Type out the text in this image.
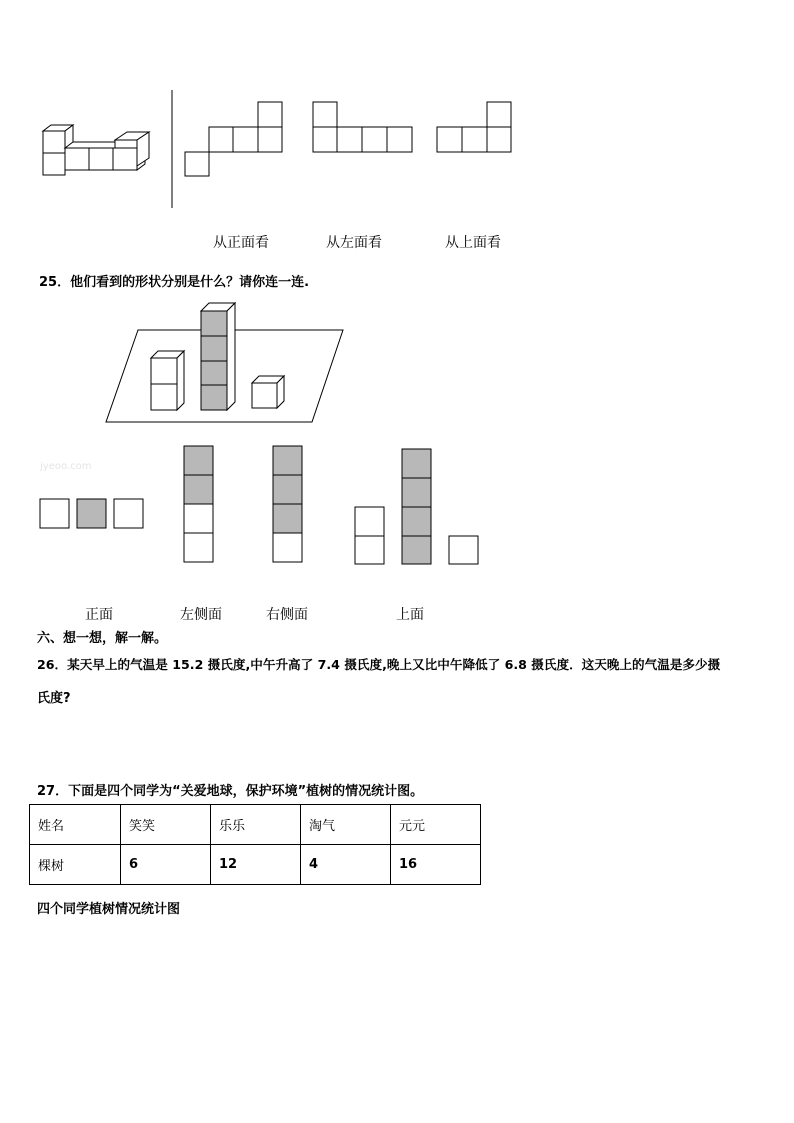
从正面看	从左面看	从上面看
25．他们看到的形状分别是什么？请你连一连.
jyeoo.com
正面	左侧面	右侧面	上面
六、想一想，解一解。
26．某天早上的气温是 15.2 摄氏度,中午升高了 7.4 摄氏度,晚上又比中午降低了 6.8 摄氏度．这天晚上的气温是多少摄
氏度?
27．下面是四个同学为“关爱地球，保护环境”植树的情况统计图。
姓名	笑笑	乐乐	淘气	元元
棵树	6	12	4	16
四个同学植树情况统计图
